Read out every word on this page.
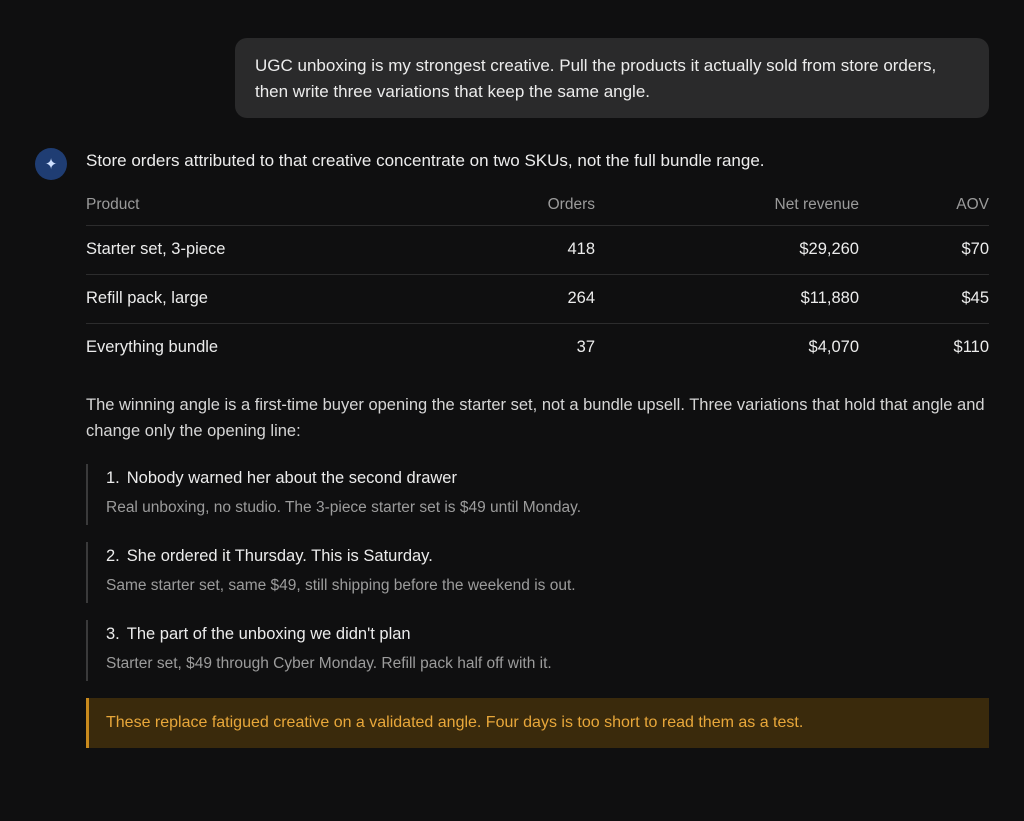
UGC unboxing is my strongest creative. Pull the products it actually sold from store orders, then write three variations that keep the same angle.
✦ Store orders attributed to that creative concentrate on two SKUs, not the full bundle range.

Product	Orders	Net revenue	AOV
Starter set, 3-piece	418	$29,260	$70
Refill pack, large	264	$11,880	$45
Everything bundle	37	$4,070	$110

The winning angle is a first-time buyer opening the starter set, not a bundle upsell. Three variations that hold that angle and change only the opening line:

1. Nobody warned her about the second drawer
Real unboxing, no studio. The 3-piece starter set is $49 until Monday.
2. She ordered it Thursday. This is Saturday.
Same starter set, same $49, still shipping before the weekend is out.
3. The part of the unboxing we didn't plan
Starter set, $49 through Cyber Monday. Refill pack half off with it.
These replace fatigued creative on a validated angle. Four days is too short to read them as a test.
